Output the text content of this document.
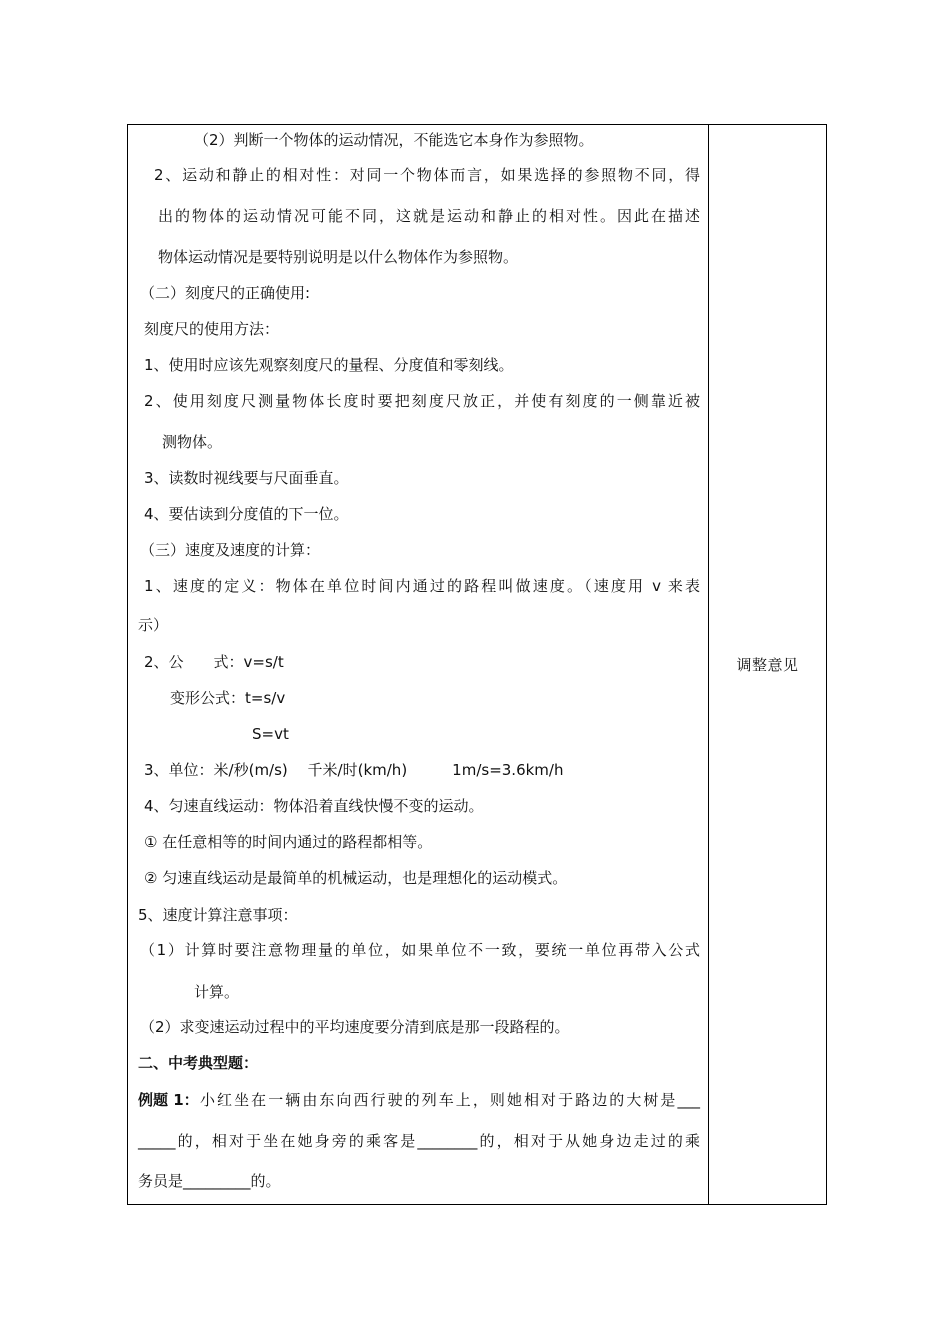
（2）判断一个物体的运动情况，不能选它本身作为参照物。
2、运动和静止的相对性：对同一个物体而言，如果选择的参照物不同，得
出的物体的运动情况可能不同，这就是运动和静止的相对性。因此在描述
物体运动情况是要特别说明是以什么物体作为参照物。
（二）刻度尺的正确使用:
刻度尺的使用方法：
1、使用时应该先观察刻度尺的量程、分度值和零刻线。
2、使用刻度尺测量物体长度时要把刻度尺放正，并使有刻度的一侧靠近被
测物体。
3、读数时视线要与尺面垂直。
4、要估读到分度值的下一位。
（三）速度及速度的计算：
1、速度的定义：物体在单位时间内通过的路程叫做速度。（速度用 v 来表
示）
2、公　　式：v=s/t
变形公式：t=s/v
S=vt
3、单位：米/秒(m/s)　 千米/时(km/h)　　　1m/s=3.6km/h
4、匀速直线运动：物体沿着直线快慢不变的运动。
① 在任意相等的时间内通过的路程都相等。
② 匀速直线运动是最简单的机械运动，也是理想化的运动模式。
5、速度计算注意事项：
（1）计算时要注意物理量的单位，如果单位不一致，要统一单位再带入公式
计算。
（2）求变速运动过程中的平均速度要分清到底是那一段路程的。
二、中考典型题：
例题 1： 小红坐在一辆由东向西行驶的列车上，则她相对于路边的大树是___
_____的，相对于坐在她身旁的乘客是________的，相对于从她身边走过的乘
务员是_________的。
调整意见
